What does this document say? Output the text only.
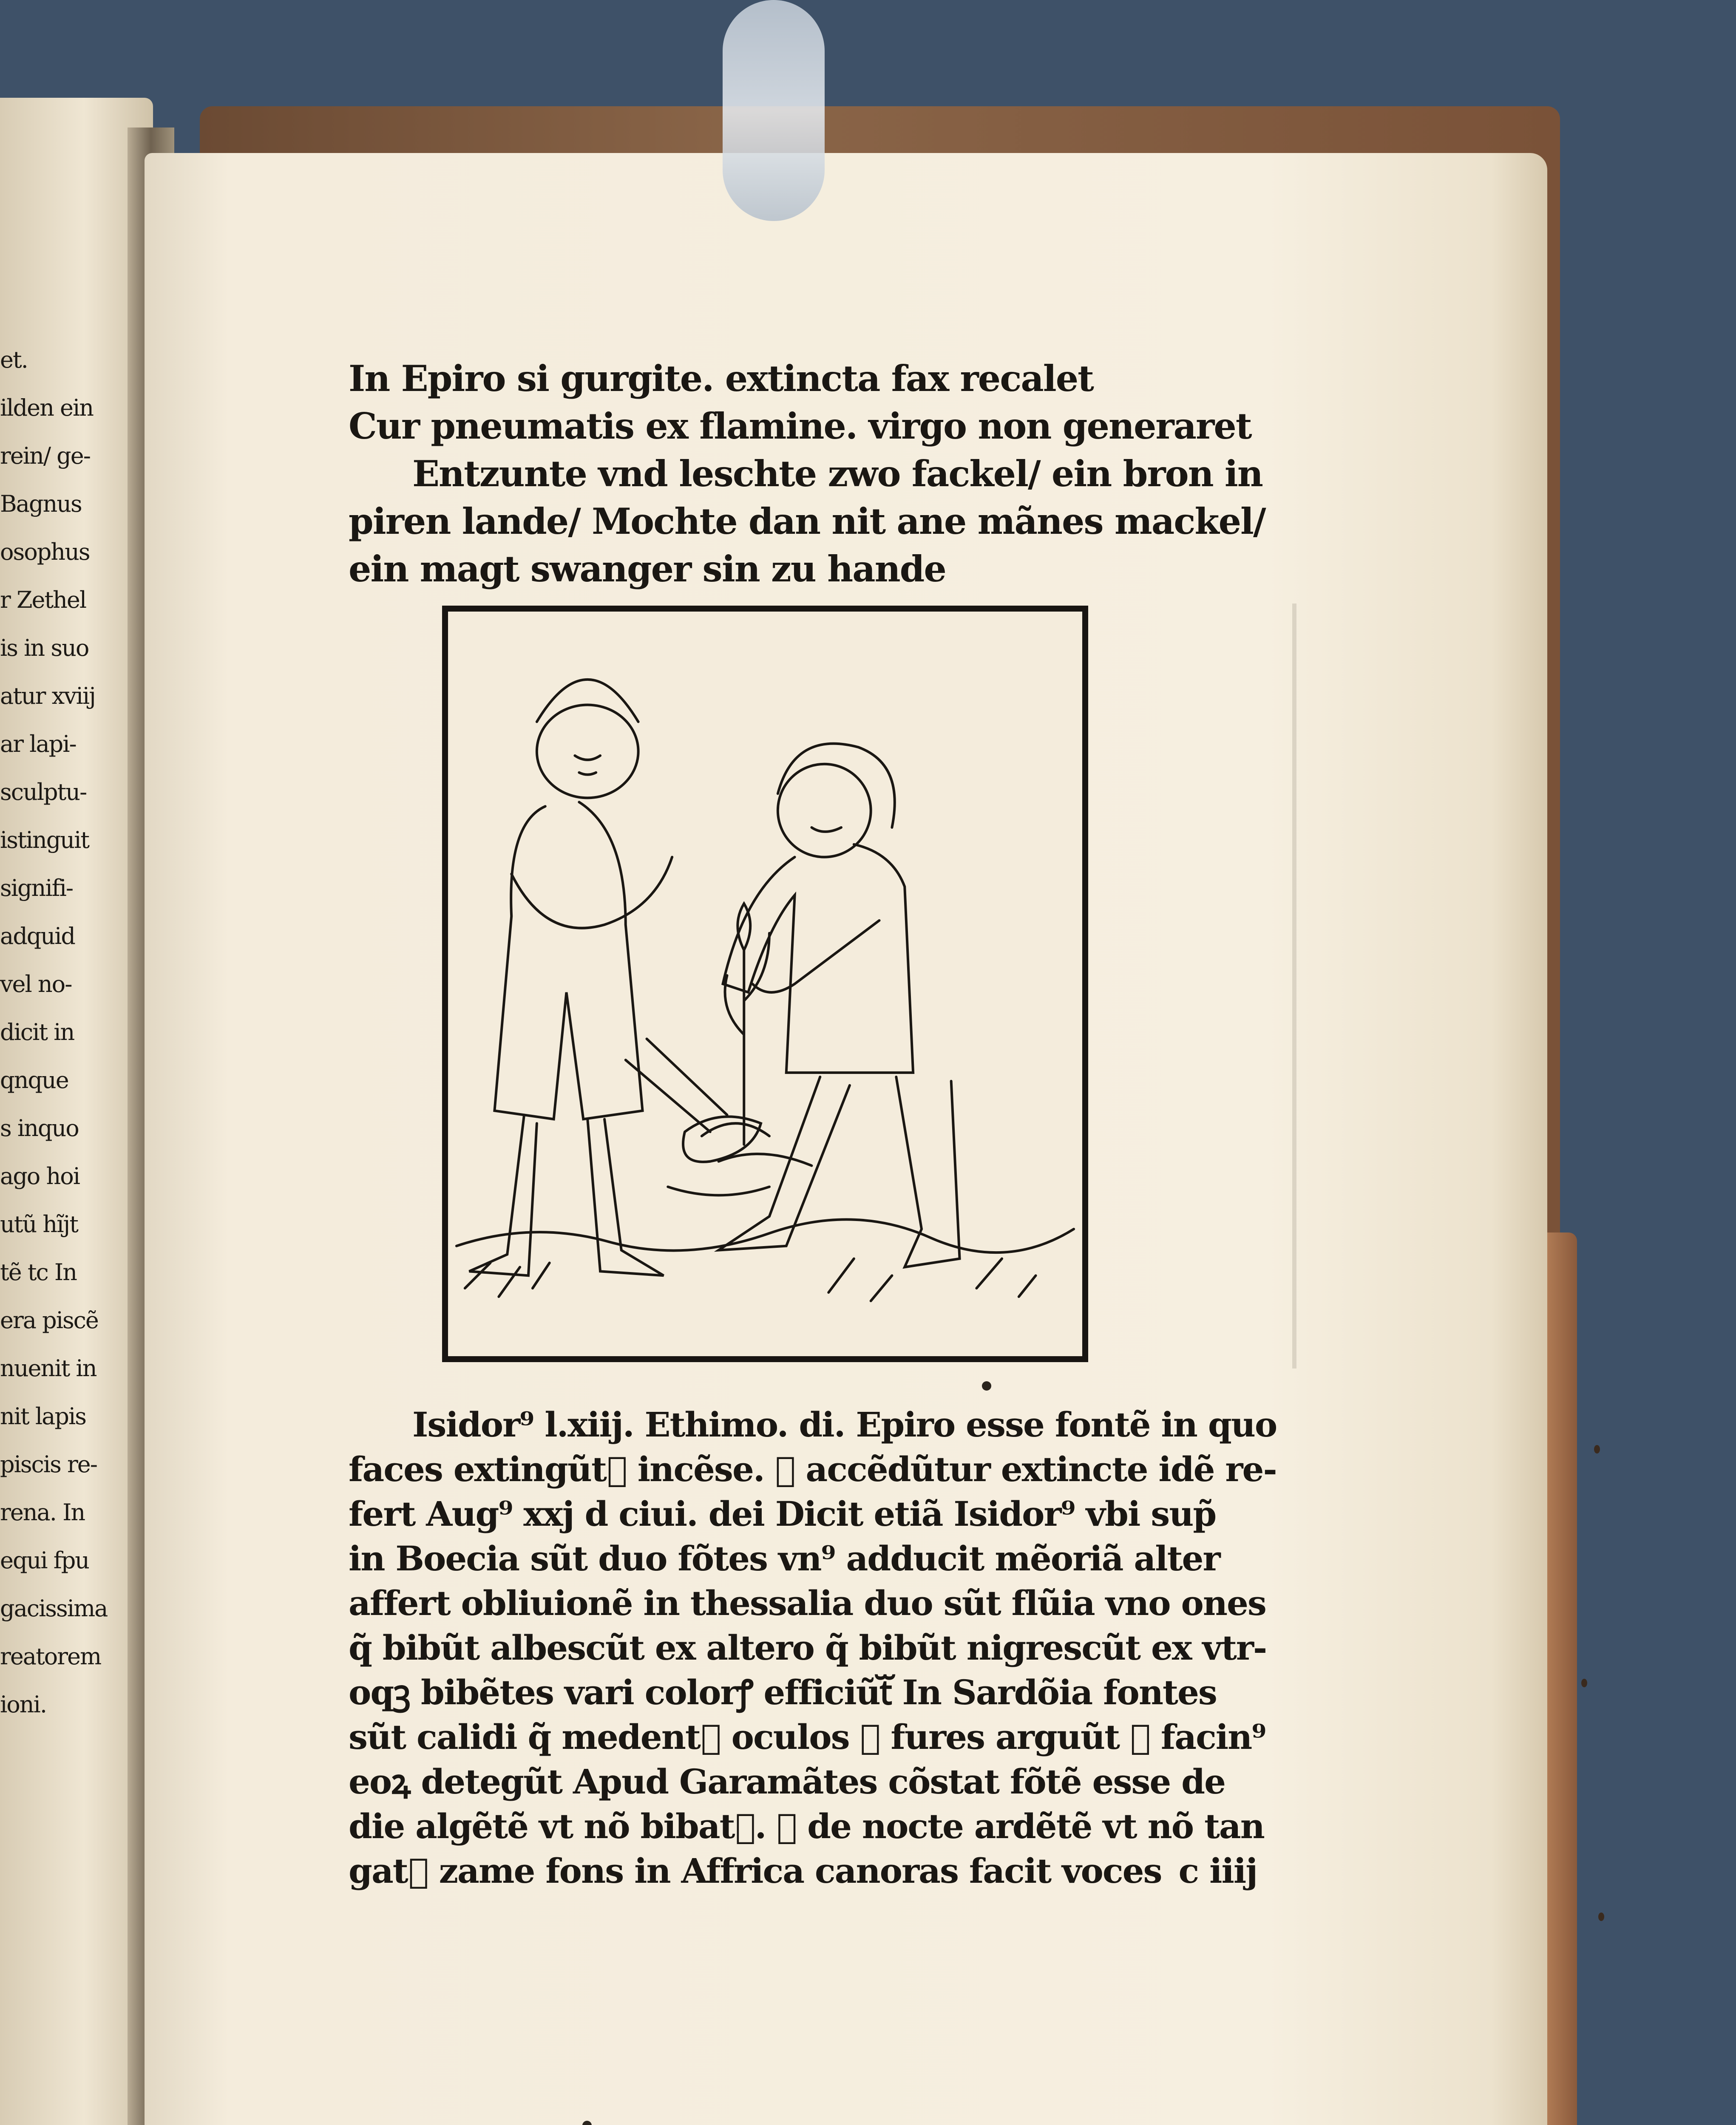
et.
ilden ein
rein/ ge-
Bagnus
osophus
r Zethel
is in suo
atur xviij
ar lapi-
sculptu-
istinguit
signifi-
adquid
vel no-
dicit in
qnque
s inquo
ago hoi
utũ hĩjt
tẽ tc In
era piscẽ
nuenit in
nit lapis
piscis re-
rena. In
equi fpu
gacissima
reatorem
ioni.
In Epiro si gurgite. extincta fax recalet
Cur pneumatis ex flamine. virgo non generaret
Entzunte vnd leschte zwo fackel/ ein bron in
piren lande/ Mochte dan nit ane mãnes mackel/
ein magt swanger sin zu hande
Isidor⁹ l.xiij. Ethimo. di. Epiro esse fontẽ in quo
faces extingũtᷓ incẽse. ꝛ accẽdũtur extincte idẽ re-
fert Aug⁹ xxj d ciui. dei Dicit etiã Isidor⁹ vbi sup̃
in Boecia sũt duo fõtes vn⁹ adducit mẽoriã alter
affert obliuionẽ in thessalia duo sũt flũia vno ones
q̃ bibũt albescũt ex altero q̃ bibũt nigrescũt ex vtr-
oqꝫ bibẽtes vari colorꝭ efficiũtᷓ In Sardõia fontes
sũt calidi q̃ medentᷓ oculos ꝛ fures arguũt ꝛ facin⁹
eoꝝ detegũt Apud Garamãtes cõstat fõtẽ esse de
die algẽtẽ vt nõ bibatᷓ. ꝛ de nocte ardẽtẽ vt nõ tan
gatᷓ zame fons in Affrica canoras facit voces c iiij
